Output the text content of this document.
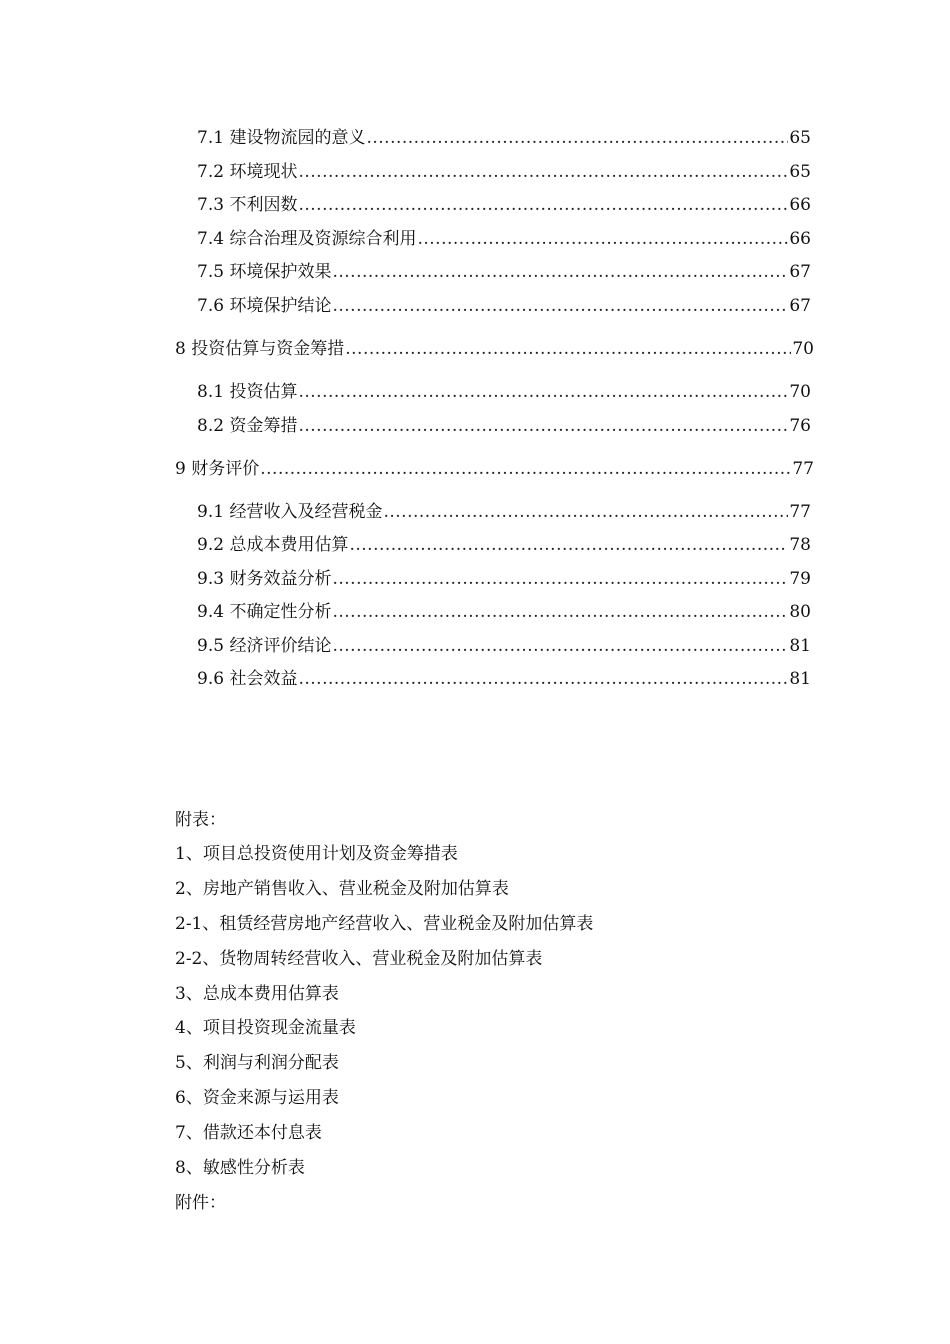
7.1 建设物流园的意义 .....	65
7.2 环境现状 .....	65
7.3 不利因数 .....	66
7.4 综合治理及资源综合利用 .....	66
7.5 环境保护效果 .....	67
7.6 环境保护结论 .....	67
8 投资估算与资金筹措 .....	70
8.1 投资估算 .....	70
8.2 资金筹措 .....	76
9 财务评价 .....	77
9.1 经营收入及经营税金 .....	77
9.2 总成本费用估算 .....	78
9.3 财务效益分析 .....	79
9.4 不确定性分析 .....	80
9.5 经济评价结论 .....	81
9.6 社会效益 .....	81
附表：
1、项目总投资使用计划及资金筹措表
2、房地产销售收入、营业税金及附加估算表
2-1、租赁经营房地产经营收入、营业税金及附加估算表
2-2、货物周转经营收入、营业税金及附加估算表
3、总成本费用估算表
4、项目投资现金流量表
5、利润与利润分配表
6、资金来源与运用表
7、借款还本付息表
8、敏感性分析表
附件：
